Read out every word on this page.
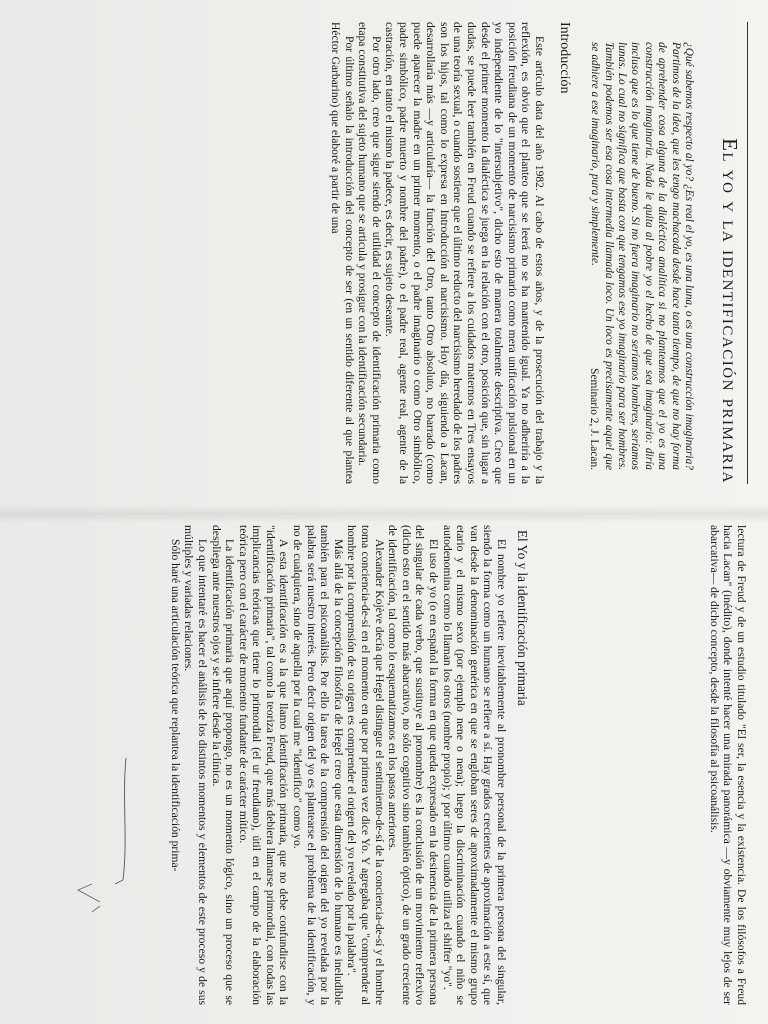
El yo y la identificación primaria

¿Qué sabemos respecto al yo? ¿Es real el yo, es una luna, o es una construcción imaginaria? Partimos de la idea, que les tengo machacada desde hace tanto tiempo, de que no hay forma de aprehender cosa alguna de la dialéctica analítica si no planteamos que el yo es una construcción imaginaria. Nada le quita al pobre yo el hecho de que sea imaginario: diría incluso que es lo que tiene de bueno. Si no fuera imaginario no seríamos hombres, seríamos lunas. Lo cual no significa que basta con que tengamos ese yo imaginario para ser hombres. También podemos ser esa cosa intermedia llamada loco. Un loco es precisamente aquel que se adhiere a ese imaginario, pura y simplemente.

Seminario 2, J. Lacan.
Introducción

Este artículo data del año 1982. Al cabo de estos años, y de la prosecución del trabajo y la reflexión, es obvio que el planteo que se leerá no se ha mantenido igual. Ya no adheriría a la posición freudiana de un momento de narcisismo primario como mera unificación pulsional en un yo independiente de lo "intersubjetivo", dicho esto de manera totalmente descriptiva. Creo que desde el primer momento la dialéctica se juega en la relación con el otro, posición que, sin lugar a dudas, se puede leer también en Freud cuando se refiere a los cuidados maternos en Tres ensayos de una teoría sexual, o cuando sostiene que el último reducto del narcisismo heredado de los padres son los hijos, tal como lo expresa en Introducción al narcisismo. Hoy día, siguiendo a Lacan, desarrollaría más —y articularía— la función del Otro, tanto Otro absoluto, no barrado (como puede aparecer la madre en un primer momento, o el padre imaginario o como Otro simbólico, padre simbólico, padre muerto y nombre del padre), o el padre real, agente real, agente de la castración, en tanto el mismo la padece, es decir, es sujeto deseante.

Por otro lado, creo que sigue siendo de utilidad el concepto de identificación primaria como etapa constitutiva del sujeto humano que se articula y prosigue con la identificación secundaria.

Por último señalo la introducción del concepto de ser (en un sentido diferente al que plantea Héctor Garbarino) que elaboré a partir de una

lectura de Freud y de un estudio titulado "El ser, la esencia y la existencia. De los filósofos a Freud hacia Lacan" (inédito), donde intenté hacer una mirada panorámica —y obviamente muy lejos de ser abarcativa— de dicho concepto, desde la filosofía al psicoanálisis.

El Yo y la identificación primaria

El nombre yo refiere inevitablemente al pronombre personal de la primera persona del singular, siendo la forma como un humano se refiere a sí. Hay grados crecientes de aproximación a este sí, que van desde la denominación genérica en que se engloban seres de aproximadamente el mismo grupo etario y el mismo sexo (por ejemplo nene o nena); luego la discriminación cuando el niño se autodenomina como lo llaman los otros (nombre propio); y por último cuando utiliza el shifter "yo".

El uso de yo (o en español la forma en que queda expresado en la desinencia de la primera persona del singular de cada verbo, que sustituye al pronombre) es la conclusión de un movimiento reflexivo (dicho esto en el sentido más abarcativo, no sólo cognitivo sino también óptico), de un grado creciente de identificación, tal como lo esquematizamos en los pasos anteriores.

Alexander Kojève decía que Hegel distingue el sentimiento-de-sí de la conciencia-de-sí y el hombre toma conciencia-de-sí en el momento en que por primera vez dice Yo. Y agregaba que "comprender al hombre por la comprensión de su origen es comprender el origen del yo revelado por la palabra".

Más allá de la concepción filosófica de Hegel creo que esta dimensión de lo humano es ineludible también para el psicoanálisis. Por ello la tarea de la comprensión del origen del yo revelada por la palabra será nuestro interés. Pero decir origen del yo es plantearse el problema de la identificación, y no de cualquiera, sino de aquella por la cual me "identifico" como yo.

A esta identificación es a la que llamo identificación primaria, que no debe confundirse con la "identificación primaria", tal como la teoriza Freud, que más debiera llamarse primordial, con todas las implicancias teóricas que tiene lo primordial (el ur freudiano), útil en el campo de la elaboración teórica pero con el carácter de momento fundante de carácter mítico.

La identificación primaria que aquí propongo, no es un momento lógico, sino un proceso que se despliega ante nuestros ojos y se infiere desde la clínica.

Lo que intentaré es hacer el análisis de los distintos momentos y elementos de este proceso y de sus múltiples y variadas relaciones.

Sólo haré una articulación teórica que replantea la identificación prima-
